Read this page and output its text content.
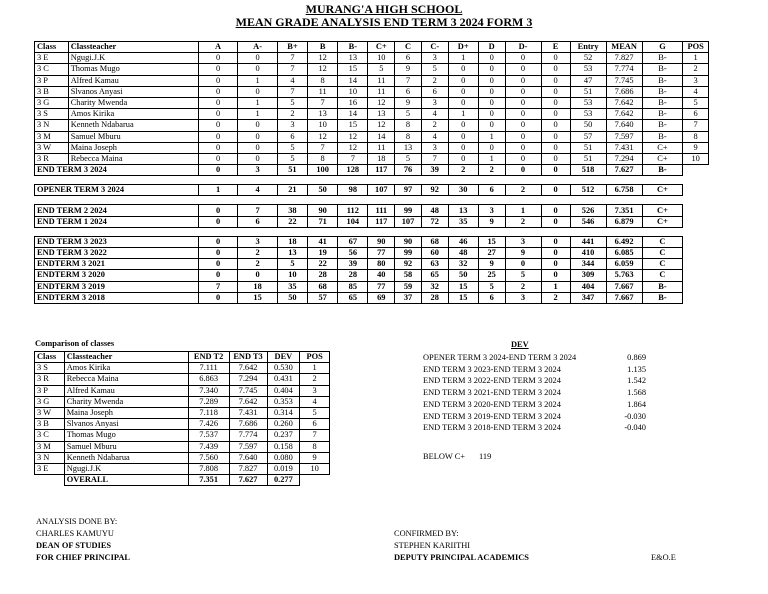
MURANG'A HIGH SCHOOL
MEAN GRADE ANALYSIS END TERM 3 2024 FORM 3
Class	Classteacher	A	A-	B+	B	B-	C+	C	C-	D+	D	D-	E	Entry	MEAN	G	POS
3 E	Ngugi.J.K	0	0	7	12	13	10	6	3	1	0	0	0	52	7.827	B-	1
3 C	Thomas Mugo	0	0	7	12	15	5	9	5	0	0	0	0	53	7.774	B-	2
3 P	Alfred Kamau	0	1	4	8	14	11	7	2	0	0	0	0	47	7.745	B-	3
3 B	Slvanos Anyasi	0	0	7	11	10	11	6	6	0	0	0	0	51	7.686	B-	4
3 G	Charity Mwenda	0	1	5	7	16	12	9	3	0	0	0	0	53	7.642	B-	5
3 S	Amos Kirika	0	1	2	13	14	13	5	4	1	0	0	0	53	7.642	B-	6
3 N	Kenneth Ndabarua	0	0	3	10	15	12	8	2	0	0	0	0	50	7.640	B-	7
3 M	Samuel Mburu	0	0	6	12	12	14	8	4	0	1	0	0	57	7.597	B-	8
3 W	Maina Joseph	0	0	5	7	12	11	13	3	0	0	0	0	51	7.431	C+	9
3 R	Rebecca Maina	0	0	5	8	7	18	5	7	0	1	0	0	51	7.294	C+	10
END TERM 3 2024		0	3	51	100	128	117	76	39	2	2	0	0	518	7.627	B-	

OPENER TERM 3 2024		1	4	21	50	98	107	97	92	30	6	2	0	512	6.758	C+	

END TERM 2 2024		0	7	38	90	112	111	99	48	13	3	1	0	526	7.351	C+	
END TERM 1 2024		0	6	22	71	104	117	107	72	35	9	2	0	546	6.879	C+	

END TERM 3 2023		0	3	18	41	67	90	90	68	46	15	3	0	441	6.492	C	
END TERM 3 2022		0	2	13	19	56	77	99	60	48	27	9	0	410	6.085	C	
ENDTERM 3 2021		0	2	5	22	39	80	92	63	32	9	0	0	344	6.059	C	
ENDTERM 3 2020		0	0	10	28	28	40	58	65	50	25	5	0	309	5.763	C	
ENDTERM 3 2019		7	18	35	68	85	77	59	32	15	5	2	1	404	7.667	B-	
ENDTERM 3 2018		0	15	50	57	65	69	37	28	15	6	3	2	347	7.667	B-	
Comparison of classes
Class	Classteacher	END T2	END T3	DEV	POS
3 S	Amos Kirika	7.111	7.642	0.530	1
3 R	Rebecca Maina	6.863	7.294	0.431	2
3 P	Alfred Kamau	7.340	7.745	0.404	3
3 G	Charity Mwenda	7.289	7.642	0.353	4
3 W	Maina Joseph	7.118	7.431	0.314	5
3 B	Slvanos Anyasi	7.426	7.686	0.260	6
3 C	Thomas Mugo	7.537	7.774	0.237	7
3 M	Samuel Mburu	7.439	7.597	0.158	8
3 N	Kenneth Ndabarua	7.560	7.640	0.080	9
3 E	Ngugi.J.K	7.808	7.827	0.019	10
	OVERALL	7.351	7.627	0.277	
DEV
OPENER TERM 3 2024-END TERM 3 2024	0.869
END TERM 3 2023-END TERM 3 2024	1.135
END TERM 3 2022-END TERM 3 2024	1.542
END TERM 3 2021-END TERM 3 2024	1.568
END TERM 3 2020-END TERM 3 2024	1.864
END TERM 3 2019-END TERM 3 2024	-0.030
END TERM 3 2018-END TERM 3 2024	-0.040
BELOW C+ 119
ANALYSIS DONE BY:
CHARLES KAMUYU
DEAN OF STUDIES
FOR CHIEF PRINCIPAL
CONFIRMED BY:
STEPHEN KARIITHI
DEPUTY PRINCIPAL ACADEMICS	E&O.E
